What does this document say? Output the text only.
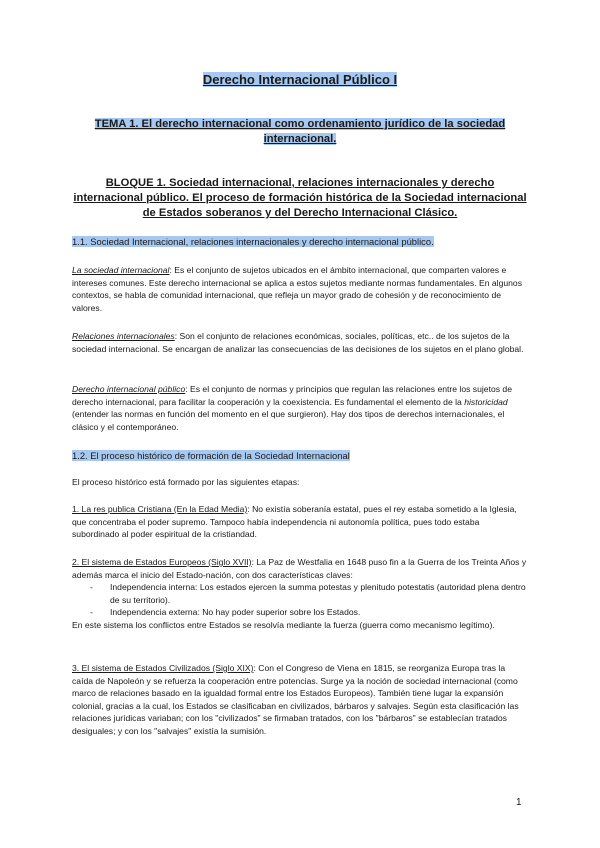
Derecho Internacional Público I
TEMA 1. El derecho internacional como ordenamiento jurídico de la sociedad internacional.
BLOQUE 1. Sociedad internacional, relaciones internacionales y derecho internacional público. El proceso de formación histórica de la Sociedad internacional de Estados soberanos y del Derecho Internacional Clásico.
1.1. Sociedad Internacional, relaciones internacionales y derecho internacional público.

La sociedad internacional: Es el conjunto de sujetos ubicados en el ámbito internacional, que comparten valores e intereses comunes. Este derecho internacional se aplica a estos sujetos mediante normas fundamentales. En algunos contextos, se habla de comunidad internacional, que refleja un mayor grado de cohesión y de reconocimiento de valores.

Relaciones internacionales: Son el conjunto de relaciones económicas, sociales, políticas, etc.. de los sujetos de la sociedad internacional. Se encargan de analizar las consecuencias de las decisiones de los sujetos en el plano global.

Derecho internacional público: Es el conjunto de normas y principios que regulan las relaciones entre los sujetos de derecho internacional, para facilitar la cooperación y la coexistencia. Es fundamental el elemento de la historicidad (entender las normas en función del momento en el que surgieron). Hay dos tipos de derechos internacionales, el clásico y el contemporáneo.

1.2. El proceso histórico de formación de la Sociedad Internacional
El proceso histórico está formado por las siguientes etapas:

1. La res publica Cristiana (En la Edad Media): No existía soberanía estatal, pues el rey estaba sometido a la Iglesia, que concentraba el poder supremo. Tampoco había independencia ni autonomía política, pues todo estaba subordinado al poder espiritual de la cristiandad.

2. El sistema de Estados Europeos (Siglo XVII): La Paz de Westfalia en 1648 puso fin a la Guerra de los Treinta Años y además marca el inicio del Estado-nación, con dos características claves:

- Independencia interna: Los estados ejercen la summa potestas y plenitudo potestatis (autoridad plena dentro de su territorio).
- Independencia externa: No hay poder superior sobre los Estados.

En este sistema los conflictos entre Estados se resolvía mediante la fuerza (guerra como mecanismo legítimo).

3. El sistema de Estados Civilizados (Siglo XIX): Con el Congreso de Viena en 1815, se reorganiza Europa tras la caída de Napoleón y se refuerza la cooperación entre potencias. Surge ya la noción de sociedad internacional (como marco de relaciones basado en la igualdad formal entre los Estados Europeos). También tiene lugar la expansión colonial, gracias a la cual, los Estados se clasificaban en civilizados, bárbaros y salvajes. Según esta clasificación las relaciones jurídicas variaban; con los "civilizados" se firmaban tratados, con los "bárbaros" se establecían tratados desiguales; y con los "salvajes" existía la sumisión.

1
